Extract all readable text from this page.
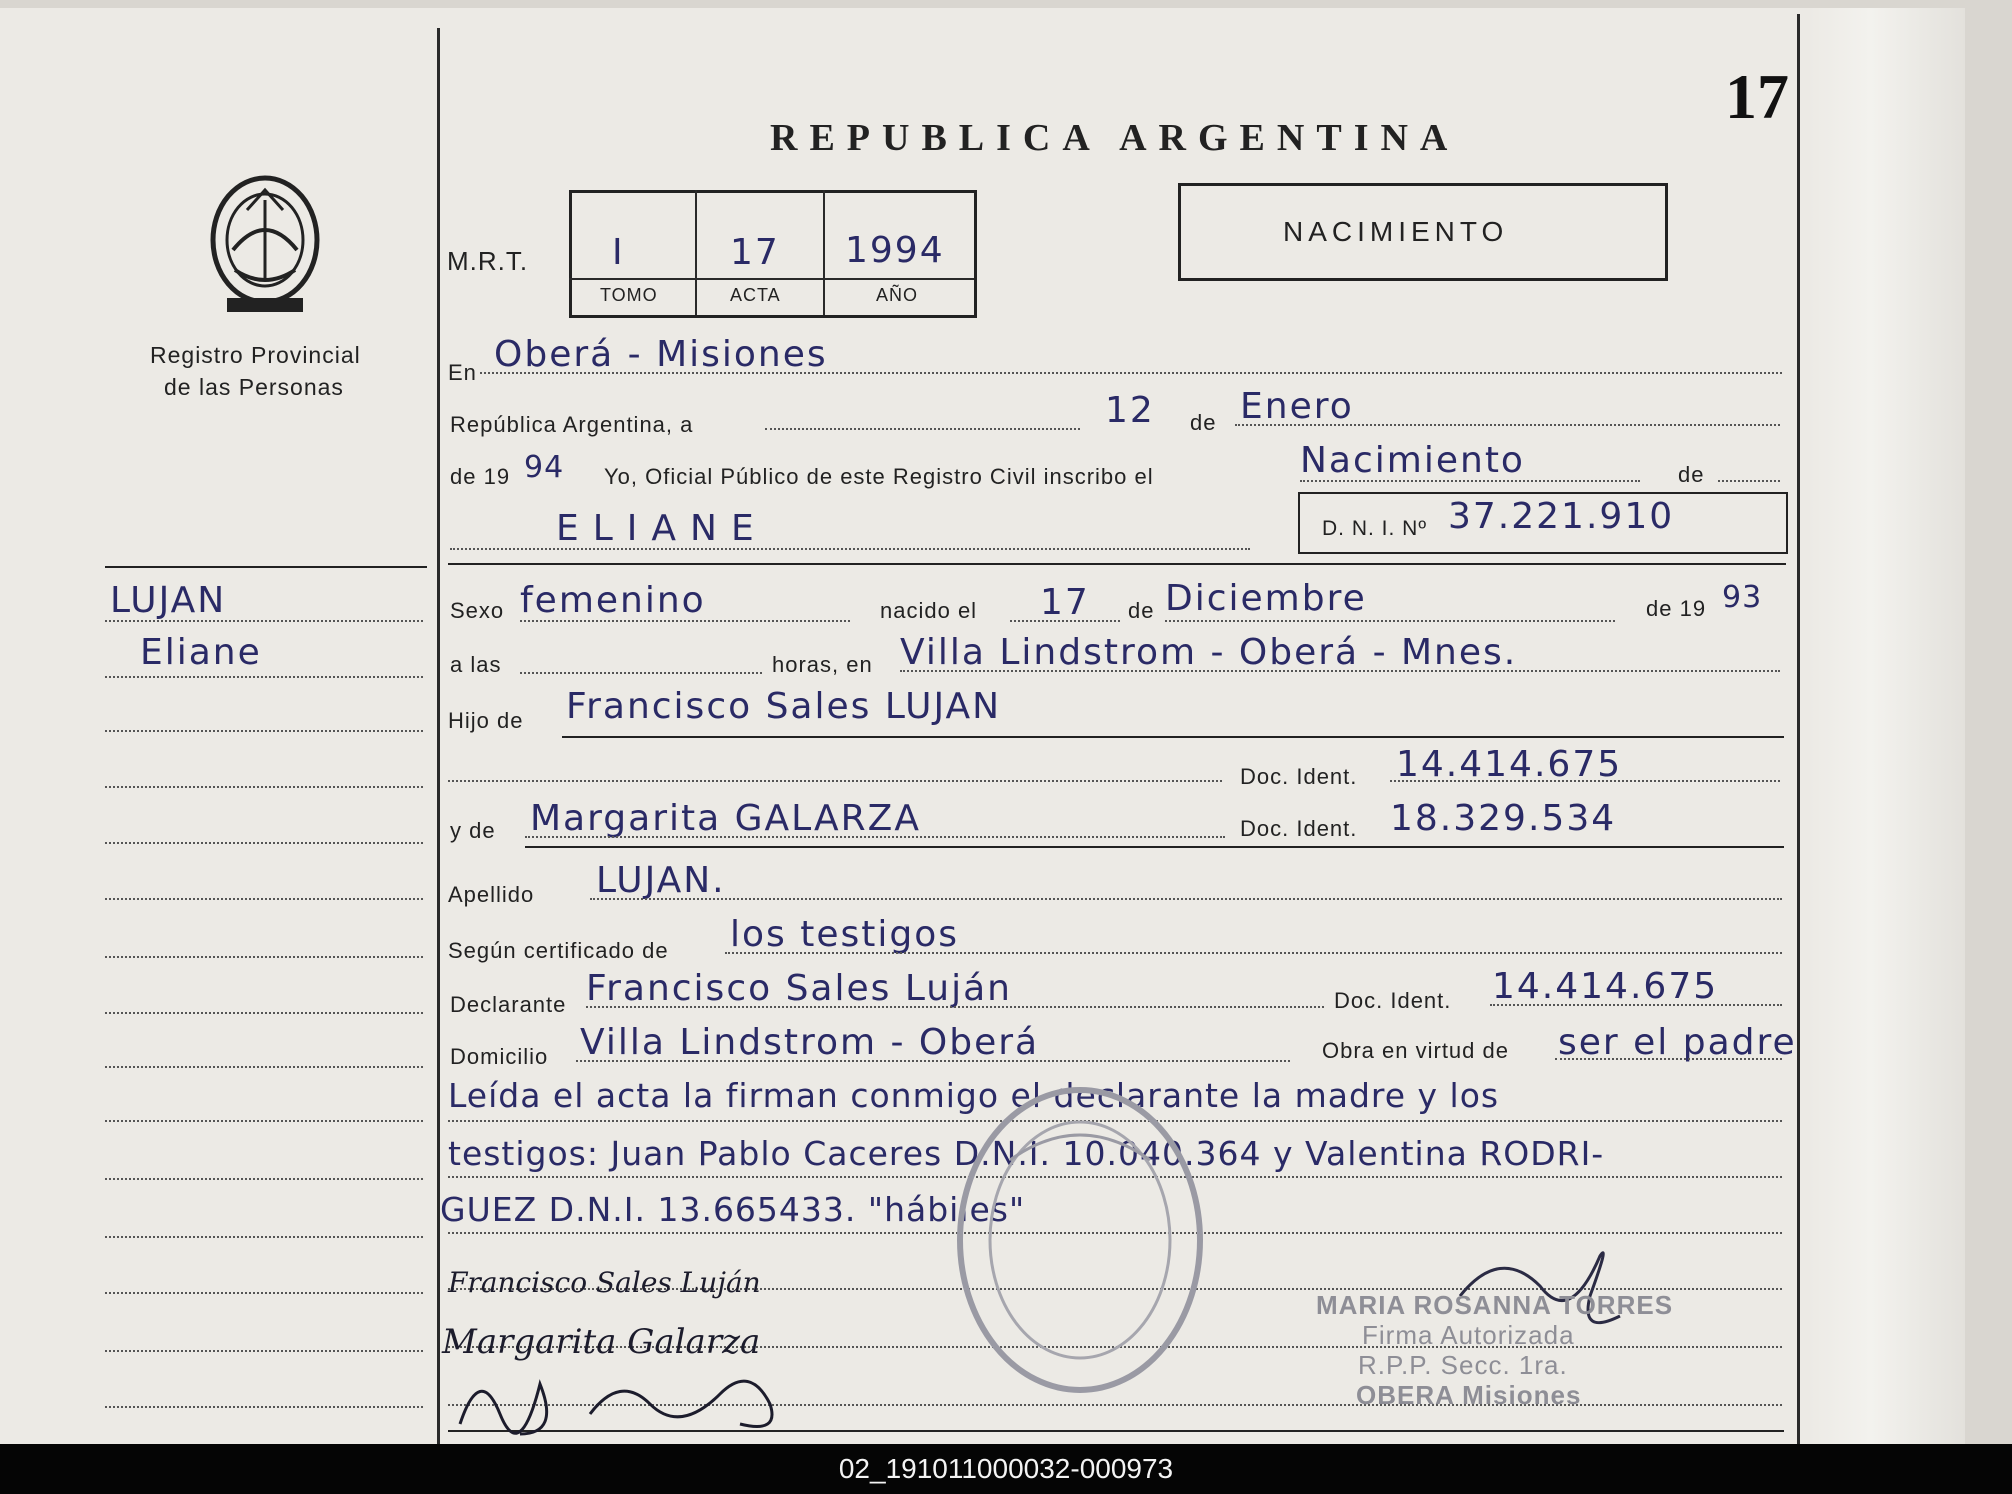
REPUBLICA ARGENTINA
17
Registro Provincial
de las Personas
M.R.T. I	17 1994
TOMO	ACTA	AÑO
NACIMIENTO
LUJAN
Eliane
En Oberá - Misiones
República Argentina, a	12 de Enero
de 19 94 Yo, Oficial Público de este Registro Civil inscribo el	Nacimiento	de
ELIANE	D. N. I. Nº 37.221.910
Sexo femenino	nacido el 17 de Diciembre	de 19 93
a las	horas, en Villa Lindstrom - Oberá - Mnes.
Hijo de Francisco Sales LUJAN
Doc. Ident. 14.414.675
y de Margarita GALARZA	Doc. Ident. 18.329.534
Apellido LUJAN.
Según certificado de los testigos
Declarante Francisco Sales Luján	Doc. Ident. 14.414.675
Domicilio Villa Lindstrom - Oberá	Obra en virtud de ser el padre
Leída el acta la firman conmigo el declarante la madre y los
testigos: Juan Pablo Caceres D.N.I. 10.040.364 y Valentina RODRI-
GUEZ D.N.I. 13.665433. "hábiles"
Francisco Sales Luján
Margarita Galarza
MARIA ROSANNA TORRES
Firma Autorizada
R.P.P. Secc. 1ra.
OBERA Misiones
02_191011000032-000973
